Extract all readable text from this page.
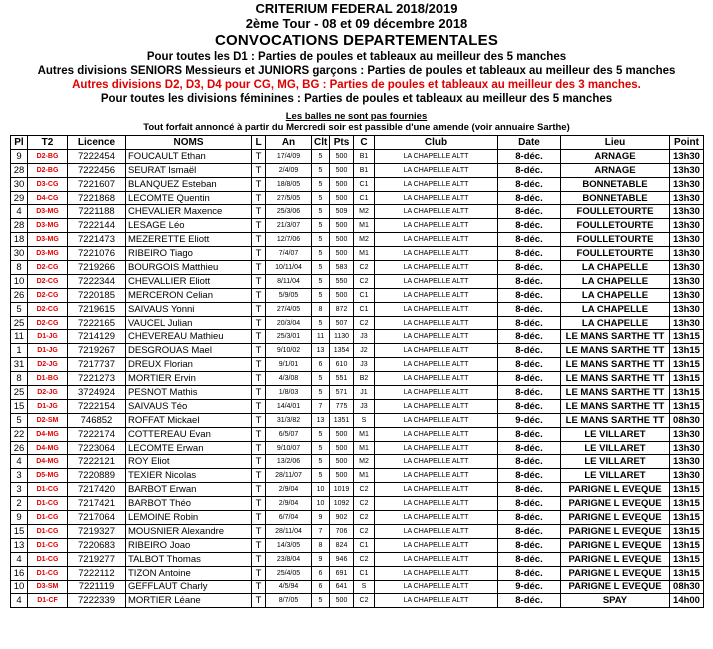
CRITERIUM FEDERAL 2018/2019
2ème Tour - 08 et 09 décembre 2018
CONVOCATIONS DEPARTEMENTALES
Pour toutes les D1 : Parties de poules et tableaux au meilleur des 5 manches
Autres divisions SENIORS Messieurs et JUNIORS garçons : Parties de poules et tableaux au meilleur des 5 manches
Autres divisions D2, D3, D4 pour CG, MG, BG : Parties de poules et tableaux au meilleur des 3 manches.
Pour toutes les divisions féminines : Parties de poules et tableaux au meilleur des 5 manches
Les balles ne sont pas fournies
Tout forfait annoncé à partir du Mercredi soir est passible d'une amende (voir annuaire Sarthe)
Pl	T2	Licence	NOMS	L	An	Clt	Pts	C	Club	Date	Lieu	Point
9	D2-BG	7222454	FOUCAULT Ethan	T	17/4/09	5	500	B1	LA CHAPELLE ALTT	8-déc.	ARNAGE	13h30
28	D2-BG	7222456	SEURAT Ismaël	T	2/4/09	5	500	B1	LA CHAPELLE ALTT	8-déc.	ARNAGE	13h30
30	D3-CG	7221607	BLANQUEZ Esteban	T	18/8/05	5	500	C1	LA CHAPELLE ALTT	8-déc.	BONNETABLE	13h30
29	D4-CG	7221868	LECOMTE Quentin	T	27/5/05	5	500	C1	LA CHAPELLE ALTT	8-déc.	BONNETABLE	13h30
4	D3-MG	7221188	CHEVALIER Maxence	T	25/3/06	5	509	M2	LA CHAPELLE ALTT	8-déc.	FOULLETOURTE	13h30
28	D3-MG	7222144	LESAGE Léo	T	21/3/07	5	500	M1	LA CHAPELLE ALTT	8-déc.	FOULLETOURTE	13h30
18	D3-MG	7221473	MEZERETTE Eliott	T	12/7/06	5	500	M2	LA CHAPELLE ALTT	8-déc.	FOULLETOURTE	13h30
30	D3-MG	7221076	RIBEIRO Tiago	T	7/4/07	5	500	M1	LA CHAPELLE ALTT	8-déc.	FOULLETOURTE	13h30
8	D2-CG	7219266	BOURGOIS Matthieu	T	10/11/04	5	583	C2	LA CHAPELLE ALTT	8-déc.	LA CHAPELLE	13h30
10	D2-CG	7222344	CHEVALLIER Eliott	T	8/11/04	5	550	C2	LA CHAPELLE ALTT	8-déc.	LA CHAPELLE	13h30
26	D2-CG	7220185	MERCERON Celian	T	5/9/05	5	500	C1	LA CHAPELLE ALTT	8-déc.	LA CHAPELLE	13h30
5	D2-CG	7219615	SAIVAUS Yonni	T	27/4/05	8	872	C1	LA CHAPELLE ALTT	8-déc.	LA CHAPELLE	13h30
25	D2-CG	7222165	VAUCEL Julian	T	20/3/04	5	507	C2	LA CHAPELLE ALTT	8-déc.	LA CHAPELLE	13h30
11	D1-JG	7214129	CHEVEREAU Mathieu	T	25/3/01	11	1130	J3	LA CHAPELLE ALTT	8-déc.	LE MANS SARTHE TT	13h15
1	D1-JG	7219267	DESGROUAS Mael	T	9/10/02	13	1354	J2	LA CHAPELLE ALTT	8-déc.	LE MANS SARTHE TT	13h15
31	D2-JG	7217737	DREUX Florian	T	9/1/01	6	610	J3	LA CHAPELLE ALTT	8-déc.	LE MANS SARTHE TT	13h15
8	D1-BG	7221273	MORTIER Ervin	T	4/3/08	5	551	B2	LA CHAPELLE ALTT	8-déc.	LE MANS SARTHE TT	13h15
25	D2-JG	3724924	PESNOT Mathis	T	1/8/03	5	571	J1	LA CHAPELLE ALTT	8-déc.	LE MANS SARTHE TT	13h15
15	D1-JG	7222154	SAIVAUS Téo	T	14/4/01	7	775	J3	LA CHAPELLE ALTT	8-déc.	LE MANS SARTHE TT	13h15
5	D2-SM	746852	ROFFAT Mickael	T	31/3/82	13	1351	S	LA CHAPELLE ALTT	9-déc.	LE MANS SARTHE TT	08h30
22	D4-MG	7222174	COTTEREAU Evan	T	6/5/07	5	500	M1	LA CHAPELLE ALTT	8-déc.	LE VILLARET	13h30
26	D4-MG	7223064	LECOMTE Erwan	T	9/10/07	5	500	M1	LA CHAPELLE ALTT	8-déc.	LE VILLARET	13h30
4	D4-MG	7222121	ROY Eliot	T	13/2/06	5	500	M2	LA CHAPELLE ALTT	8-déc.	LE VILLARET	13h30
3	D5-MG	7220889	TEXIER Nicolas	T	28/11/07	5	500	M1	LA CHAPELLE ALTT	8-déc.	LE VILLARET	13h30
3	D1-CG	7217420	BARBOT Erwan	T	2/9/04	10	1019	C2	LA CHAPELLE ALTT	8-déc.	PARIGNE L EVEQUE	13h15
2	D1-CG	7217421	BARBOT Théo	T	2/9/04	10	1092	C2	LA CHAPELLE ALTT	8-déc.	PARIGNE L EVEQUE	13h15
9	D1-CG	7217064	LEMOINE Robin	T	6/7/04	9	902	C2	LA CHAPELLE ALTT	8-déc.	PARIGNE L EVEQUE	13h15
15	D1-CG	7219327	MOUSNIER Alexandre	T	28/11/04	7	706	C2	LA CHAPELLE ALTT	8-déc.	PARIGNE L EVEQUE	13h15
13	D1-CG	7220683	RIBEIRO Joao	T	14/3/05	8	824	C1	LA CHAPELLE ALTT	8-déc.	PARIGNE L EVEQUE	13h15
4	D1-CG	7219277	TALBOT Thomas	T	23/8/04	9	946	C2	LA CHAPELLE ALTT	8-déc.	PARIGNE L EVEQUE	13h15
16	D1-CG	7222112	TIZON Antoine	T	25/4/05	6	691	C1	LA CHAPELLE ALTT	8-déc.	PARIGNE L EVEQUE	13h15
10	D3-SM	7221119	GEFFLAUT Charly	T	4/5/94	6	641	S	LA CHAPELLE ALTT	9-déc.	PARIGNE L EVEQUE	08h30
4	D1-CF	7222339	MORTIER Léane	T	8/7/05	5	500	C2	LA CHAPELLE ALTT	8-déc.	SPAY	14h00
